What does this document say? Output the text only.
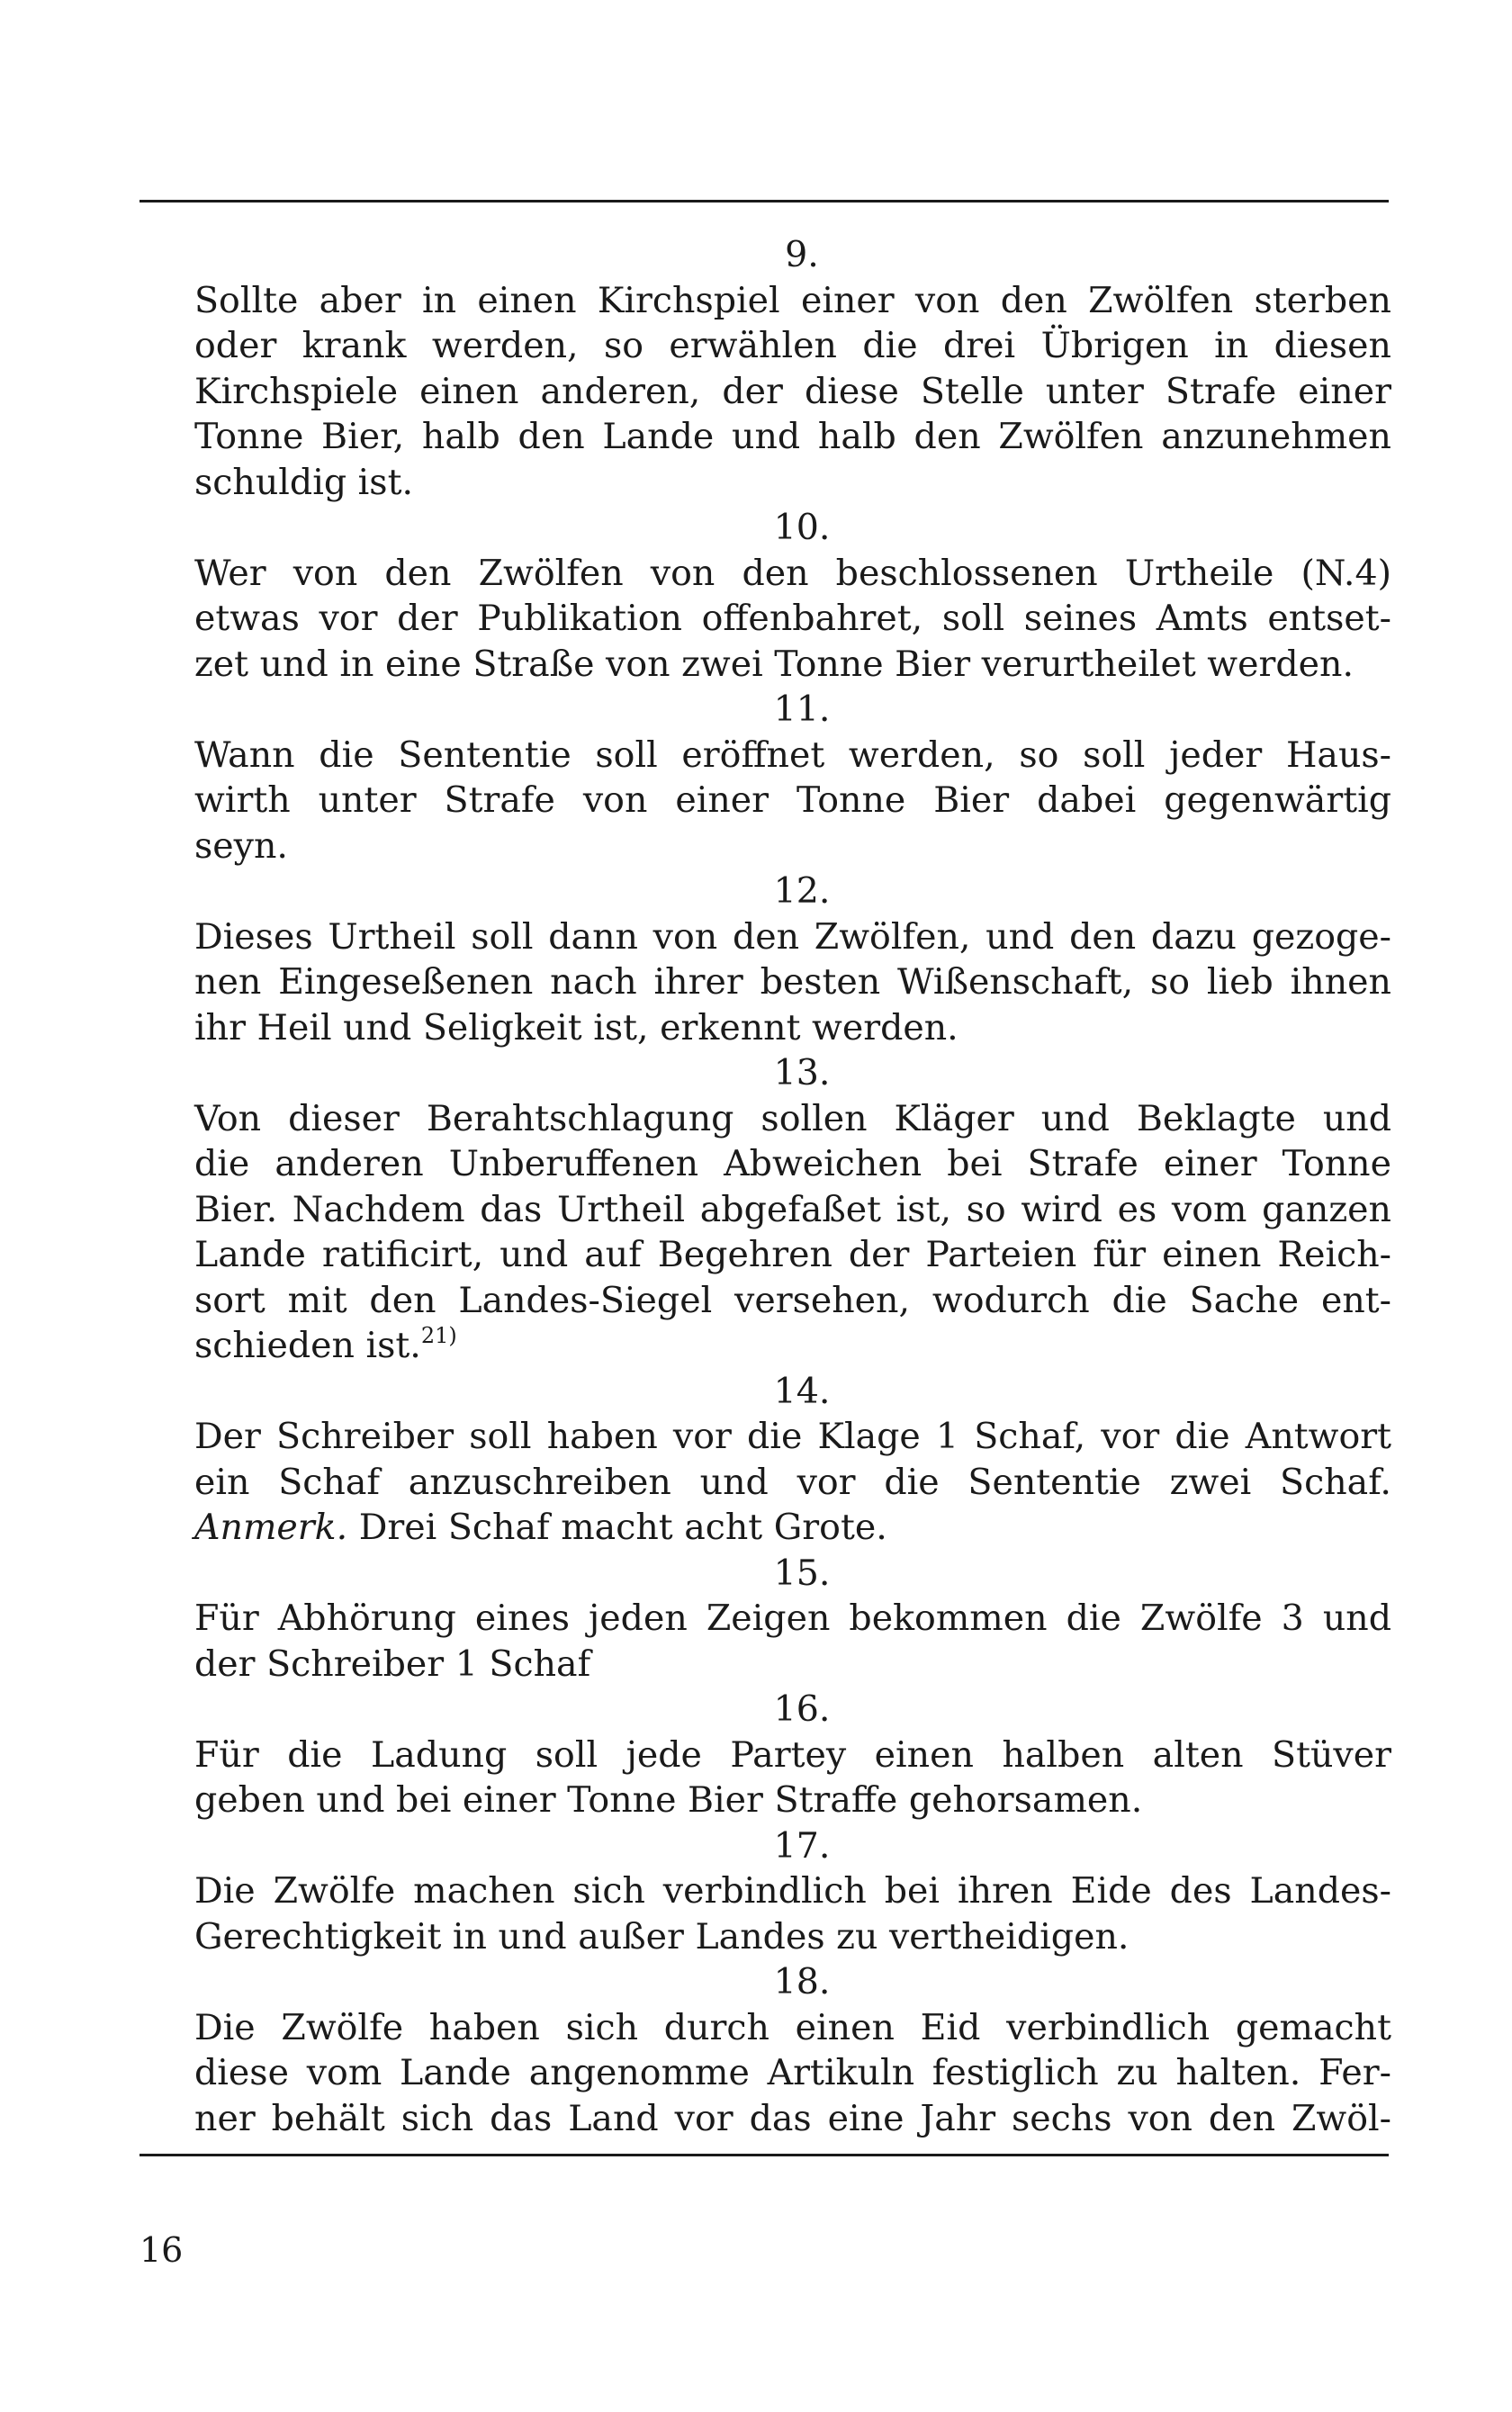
9.
Sollte aber in einen Kirchspiel einer von den Zwölfen sterben
oder krank werden, so erwählen die drei Übrigen in diesen
Kirchspiele einen anderen, der diese Stelle unter Strafe einer
Tonne Bier, halb den Lande und halb den Zwölfen anzunehmen
schuldig ist.
10.
Wer von den Zwölfen von den beschlossenen Urtheile (N.4)
etwas vor der Publikation offenbahret, soll seines Amts entset-
zet und in eine Straße von zwei Tonne Bier verurtheilet werden.
11.
Wann die Sententie soll eröffnet werden, so soll jeder Haus-
wirth unter Strafe von einer Tonne Bier dabei gegenwärtig
seyn.
12.
Dieses Urtheil soll dann von den Zwölfen, und den dazu gezoge-
nen Eingeseßenen nach ihrer besten Wißenschaft, so lieb ihnen
ihr Heil und Seligkeit ist, erkennt werden.
13.
Von dieser Berahtschlagung sollen Kläger und Beklagte und
die anderen Unberuffenen Abweichen bei Strafe einer Tonne
Bier. Nachdem das Urtheil abgefaßet ist, so wird es vom ganzen
Lande ratificirt, und auf Begehren der Parteien für einen Reich-
sort mit den Landes-Siegel versehen, wodurch die Sache ent-
schieden ist.$^{21)}$
14.
Der Schreiber soll haben vor die Klage 1 Schaf, vor die Antwort
ein Schaf anzuschreiben und vor die Sententie zwei Schaf.
Anmerk. Drei Schaf macht acht Grote.
15.
Für Abhörung eines jeden Zeigen bekommen die Zwölfe 3 und
der Schreiber 1 Schaf
16.
Für die Ladung soll jede Partey einen halben alten Stüver
geben und bei einer Tonne Bier Straffe gehorsamen.
17.
Die Zwölfe machen sich verbindlich bei ihren Eide des Landes-
Gerechtigkeit in und außer Landes zu vertheidigen.
18.
Die Zwölfe haben sich durch einen Eid verbindlich gemacht
diese vom Lande angenomme Artikuln festiglich zu halten. Fer-
ner behält sich das Land vor das eine Jahr sechs von den Zwöl-
16
